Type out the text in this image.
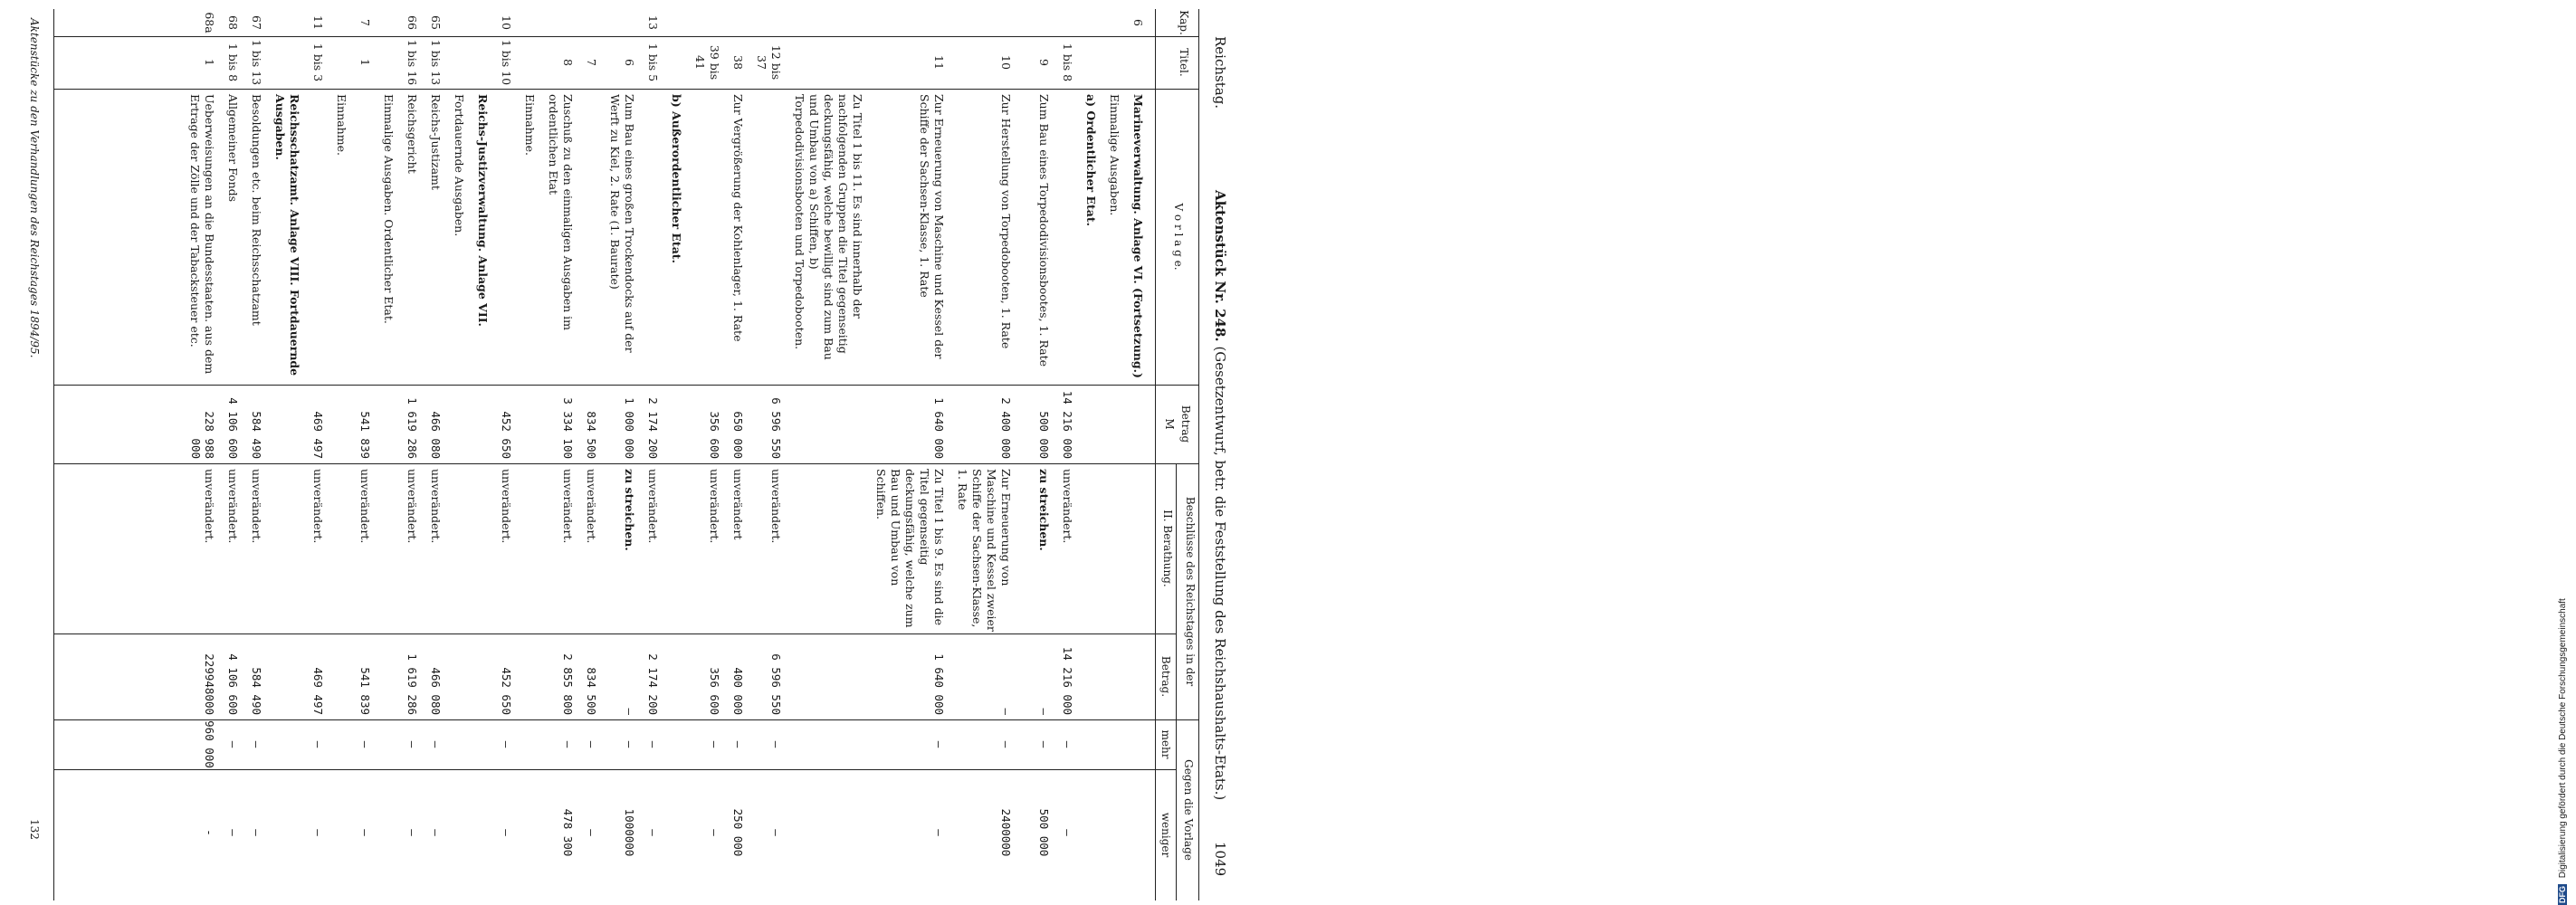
Reichstag.
Aktenstück Nr. 248. (Gesetzentwurf, betr. die Feststellung des Reichshaushalts-Etats.)
1049
Kap.
Titel.
V o r l a g e.
Betrag
M
Beschlüsse des Reichstages in der
II. Berathung.
Betrag.
Gegen die Vorlage
mehr
weniger
6
Marineverwaltung. Anlage VI. (Fortsetzung.)
Einmalige Ausgaben.
a) Ordentlicher Etat.
1 bis 8
14 216 000
unverändert.
14 216 000
—
—
9
Zum Bau eines Torpedodivisionsbootes, 1. Rate
500 000
zu streichen.
—
—
500 000
10
Zur Herstellung von Torpedobooten, 1. Rate
2 400 000
Zur Erneuerung von Maschine und Kessel zweier Schiffe der Sachsen-Klasse, 1. Rate
—
—
2400000
11
Zur Erneuerung von Maschine und Kessel der Schiffe der Sachsen-Klasse, 1. Rate
1 640 000
Zu Titel 1 bis 9. Es sind die Titel gegenseitig deckungsfähig, welche zum Bau und Umbau von Schiffen.
1 640 000
—
—
Zu Titel 1 bis 11. Es sind innerhalb der nachfolgenden Gruppen die Titel gegenseitig deckungsfähig, welche bewilligt sind zum Bau und Umbau von a) Schiffen, b) Torpedodivisionsbooten und Torpedobooten.
12 bis 37
6 596 550
unverändert.
6 596 550
—
—
38
Zur Vergrößerung der Kohlenlager, 1. Rate
650 000
unverändert
400 000
—
250 000
39 bis 41
356 600
unverändert.
356 600
—
—
b) Außerordentlicher Etat.
13
1 bis 5
2 174 200
unverändert.
2 174 200
—
—
6
Zum Bau eines großen Trockendocks auf der Werft zu Kiel, 2. Rate (1. Baurate)
1 000 000
zu streichen.
—
—
1000000
7
834 500
unverändert.
834 500
—
—
8
Zuschuß zu den einmaligen Ausgaben im ordentlichen Etat
3 334 100
unverändert.
2 855 800
—
478 300
Einnahme.
10
1 bis 10
452 650
unverändert.
452 650
—
—
Reichs-Justizverwaltung. Anlage VII.
Fortdauernde Ausgaben.
65
1 bis 13
Reichs-Justizamt
466 080
unverändert.
466 080
—
—
66
1 bis 16
Reichsgericht
1 619 286
unverändert.
1 619 286
—
—
Einmalige Ausgaben. Ordentlicher Etat.
7
1
541 839
unverändert.
541 839
—
—
Einnahme.
11
1 bis 3
469 497
unverändert.
469 497
—
—
Reichsschatzamt. Anlage VIII. Fortdauernde Ausgaben.
67
1 bis 13
Besoldungen etc. beim Reichsschatzamt
584 490
unverändert.
584 490
—
—
68
1 bis 8
Allgemeiner Fonds
4 106 600
unverändert.
4 106 600
—
—
68a
1
Ueberweisungen an die Bundesstaaten. aus dem Ertrage der Zölle und der Tabacksteuer etc.
228 988 000
unverändert.
229948000
960 000
-
Aktenstücke zu den Verhandlungen des Reichstages 1894/95.
132
DFG Digitalisierung gefördert durch die Deutsche Forschungsgemeinschaft
